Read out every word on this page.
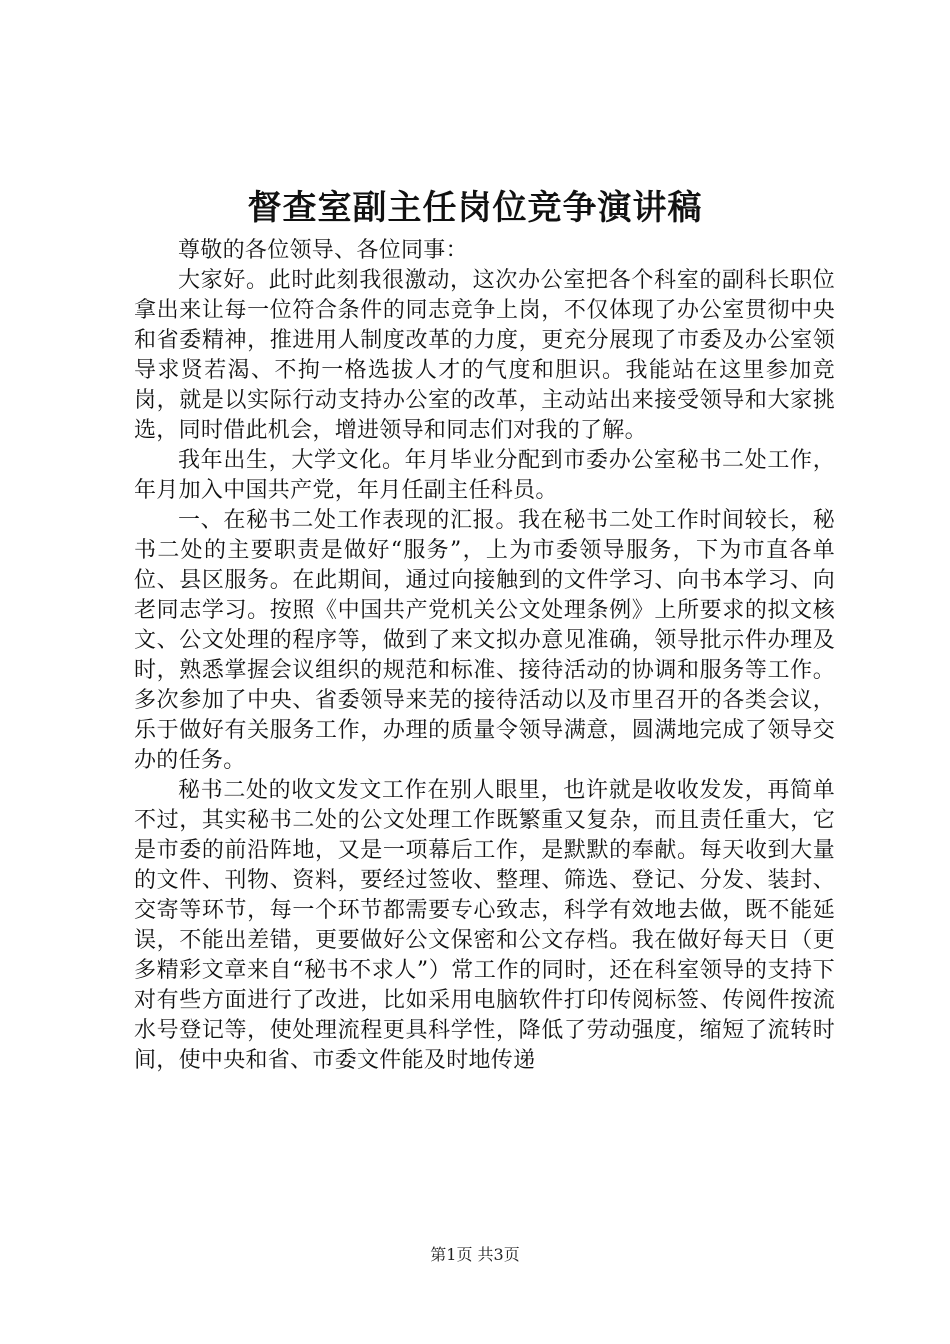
督查室副主任岗位竞争演讲稿

尊敬的各位领导、各位同事：

大家好。此时此刻我很激动，这次办公室把各个科室的副科长职位拿出来让每一位符合条件的同志竞争上岗，不仅体现了办公室贯彻中央和省委精神，推进用人制度改革的力度，更充分展现了市委及办公室领导求贤若渴、不拘一格选拔人才的气度和胆识。我能站在这里参加竞岗，就是以实际行动支持办公室的改革，主动站出来接受领导和大家挑选，同时借此机会，增进领导和同志们对我的了解。

我年出生，大学文化。年月毕业分配到市委办公室秘书二处工作，年月加入中国共产党，年月任副主任科员。

一、在秘书二处工作表现的汇报。我在秘书二处工作时间较长，秘书二处的主要职责是做好“服务”，上为市委领导服务，下为市直各单位、县区服务。在此期间，通过向接触到的文件学习、向书本学习、向老同志学习。按照《中国共产党机关公文处理条例》上所要求的拟文核文、公文处理的程序等，做到了来文拟办意见准确，领导批示件办理及时，熟悉掌握会议组织的规范和标准、接待活动的协调和服务等工作。多次参加了中央、省委领导来芜的接待活动以及市里召开的各类会议，乐于做好有关服务工作，办理的质量令领导满意，圆满地完成了领导交办的任务。

秘书二处的收文发文工作在别人眼里，也许就是收收发发，再简单不过，其实秘书二处的公文处理工作既繁重又复杂，而且责任重大，它是市委的前沿阵地，又是一项幕后工作，是默默的奉献。每天收到大量的文件、刊物、资料，要经过签收、整理、筛选、登记、分发、装封、交寄等环节，每一个环节都需要专心致志，科学有效地去做，既不能延误，不能出差错，更要做好公文保密和公文存档。我在做好每天日（更多精彩文章来自“秘书不求人”）常工作的同时，还在科室领导的支持下对有些方面进行了改进，比如采用电脑软件打印传阅标签、传阅件按流水号登记等，使处理流程更具科学性，降低了劳动强度，缩短了流转时间，使中央和省、市委文件能及时地传递

第1页 共3页
